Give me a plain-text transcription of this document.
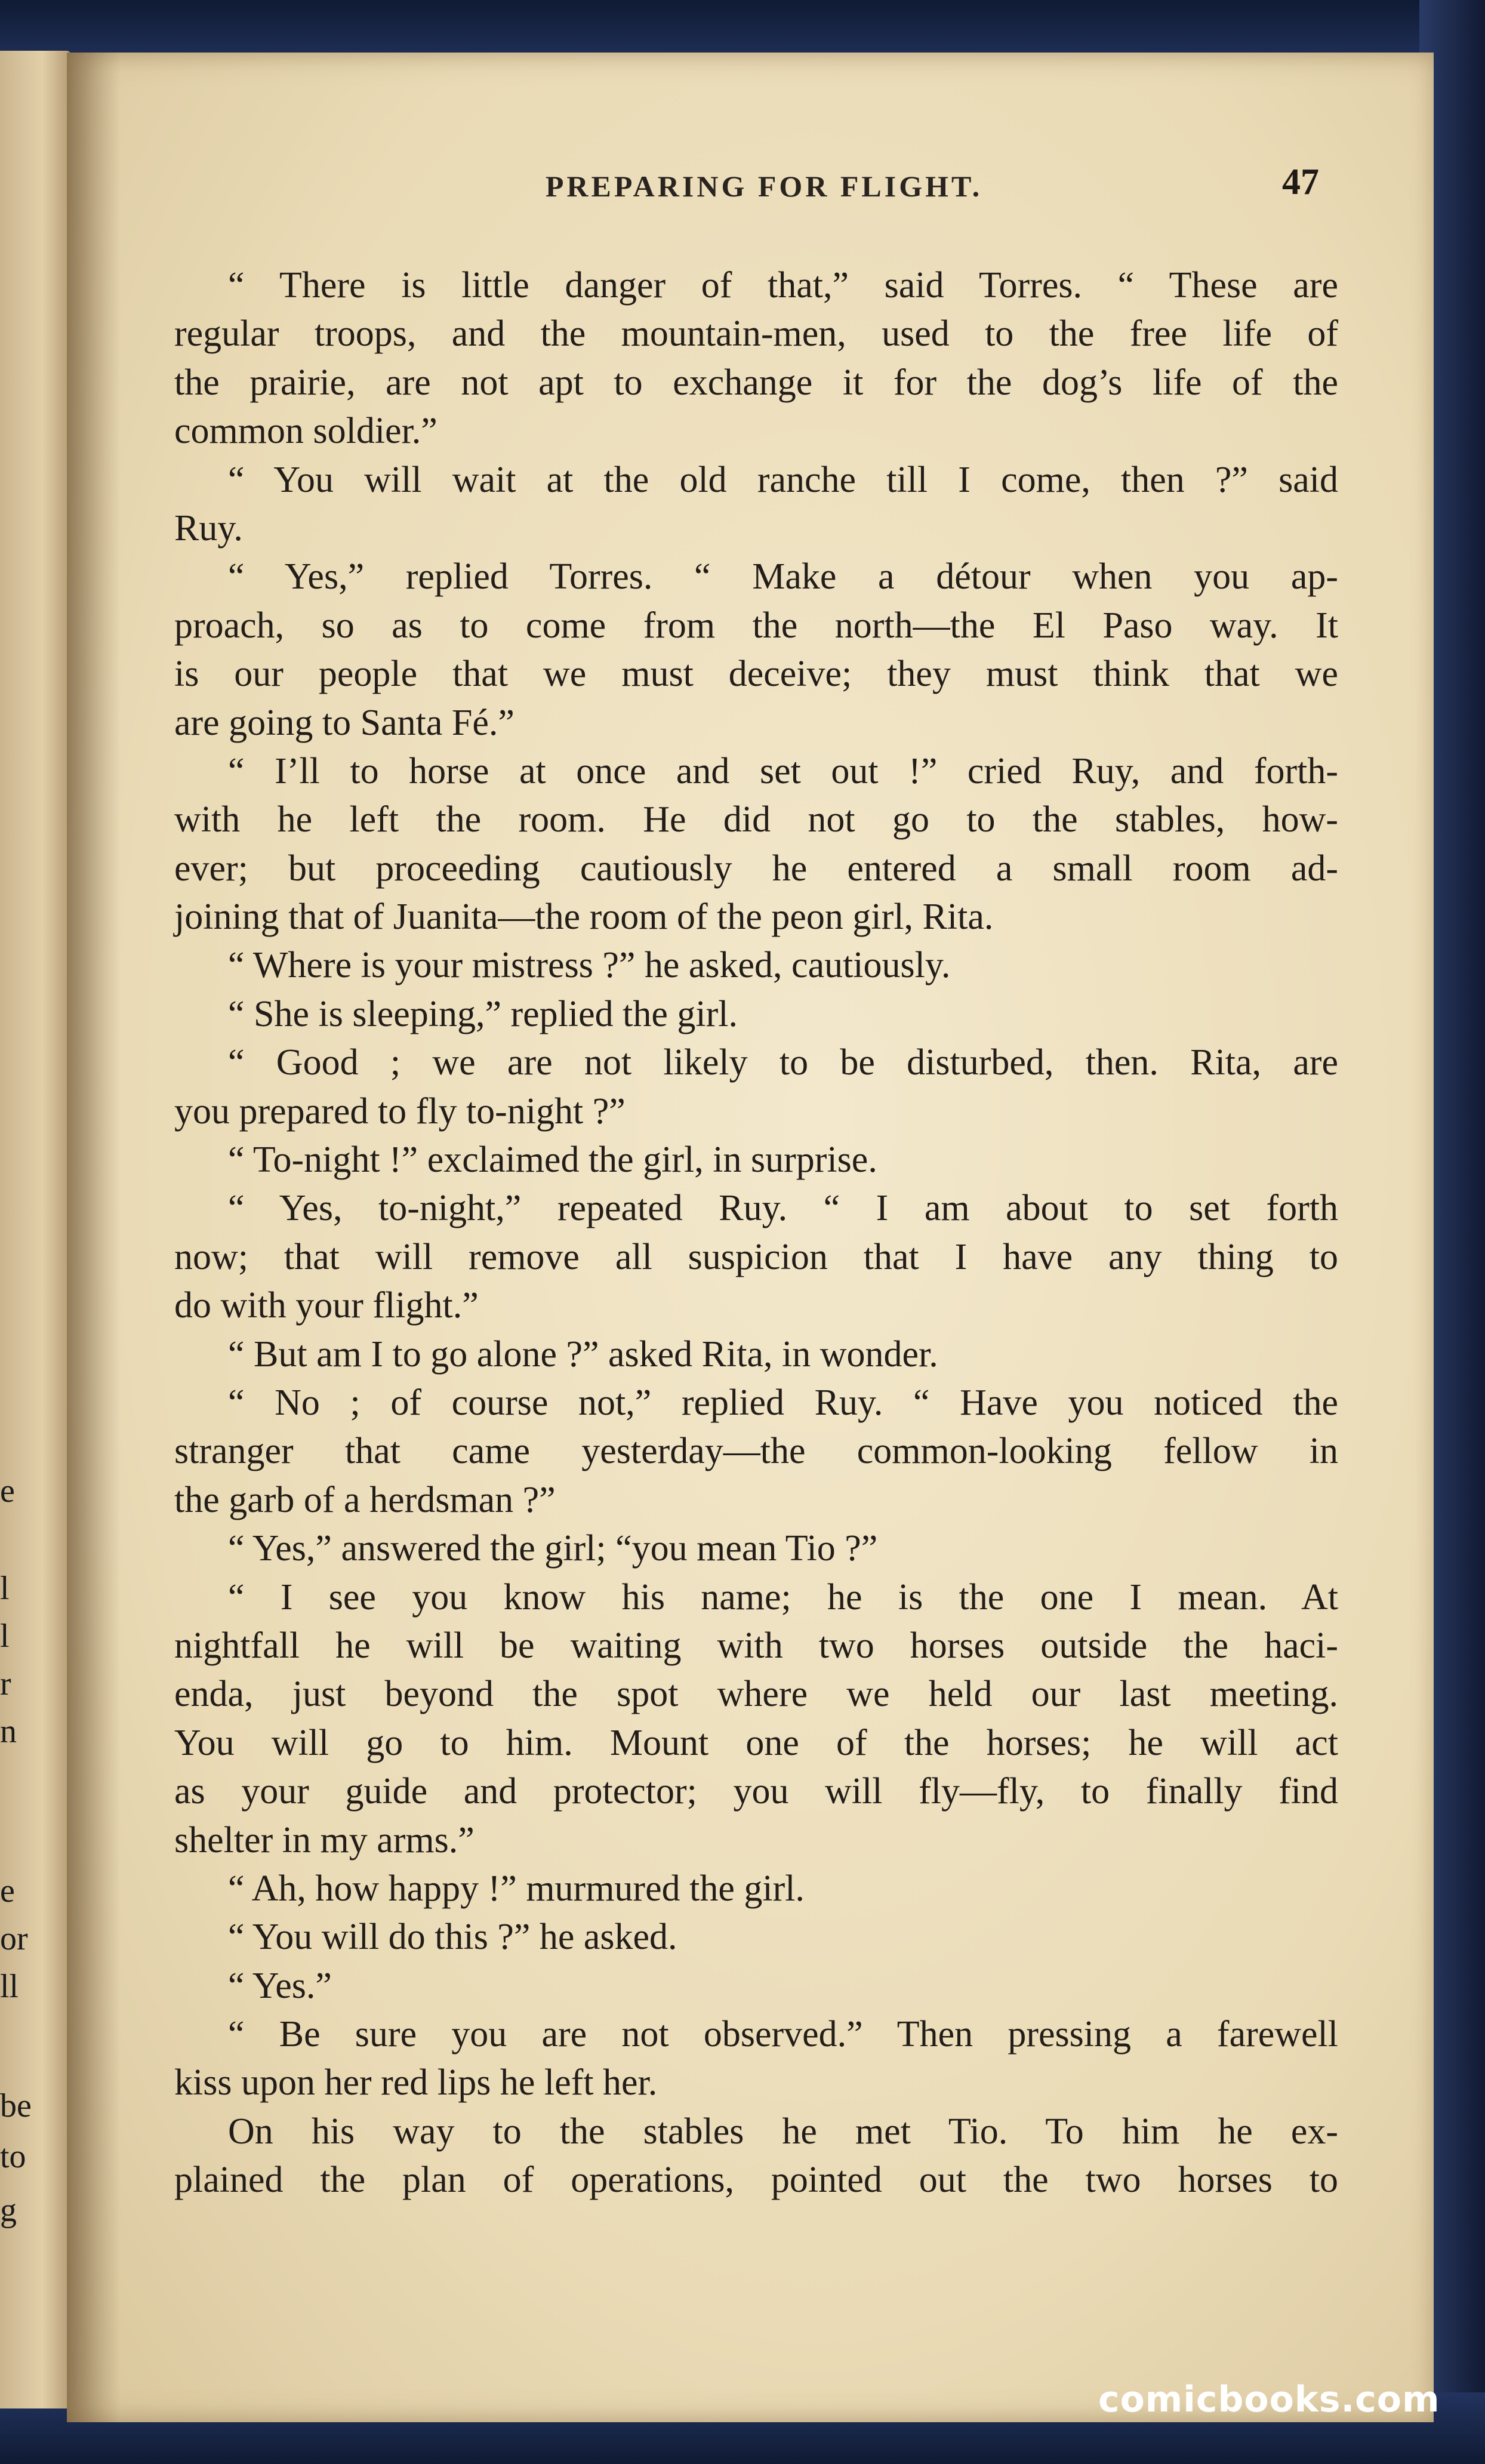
e
l
l
r
n
e
or
ll
be
to
g
PREPARING FOR FLIGHT.	47
“ There is little danger of that,” said Torres. “ These are
regular troops, and the mountain-men, used to the free life of
the prairie, are not apt to exchange it for the dog’s life of the
common soldier.”
“ You will wait at the old ranche till I come, then ?” said
Ruy.
“ Yes,” replied Torres. “ Make a détour when you ap-
proach, so as to come from the north—the El Paso way. It
is our people that we must deceive; they must think that we
are going to Santa Fé.”
“ I’ll to horse at once and set out !” cried Ruy, and forth-
with he left the room. He did not go to the stables, how-
ever; but proceeding cautiously he entered a small room ad-
joining that of Juanita—the room of the peon girl, Rita.
“ Where is your mistress ?” he asked, cautiously.
“ She is sleeping,” replied the girl.
“ Good ; we are not likely to be disturbed, then. Rita, are
you prepared to fly to-night ?”
“ To-night !” exclaimed the girl, in surprise.
“ Yes, to-night,” repeated Ruy. “ I am about to set forth
now; that will remove all suspicion that I have any thing to
do with your flight.”
“ But am I to go alone ?” asked Rita, in wonder.
“ No ; of course not,” replied Ruy. “ Have you noticed the
stranger that came yesterday—the common-looking fellow in
the garb of a herdsman ?”
“ Yes,” answered the girl; “you mean Tio ?”
“ I see you know his name; he is the one I mean. At
nightfall he will be waiting with two horses outside the haci-
enda, just beyond the spot where we held our last meeting.
You will go to him. Mount one of the horses; he will act
as your guide and protector; you will fly—fly, to finally find
shelter in my arms.”
“ Ah, how happy !” murmured the girl.
“ You will do this ?” he asked.
“ Yes.”
“ Be sure you are not observed.” Then pressing a farewell
kiss upon her red lips he left her.
On his way to the stables he met Tio. To him he ex-
plained the plan of operations, pointed out the two horses to
comicbooks.com
